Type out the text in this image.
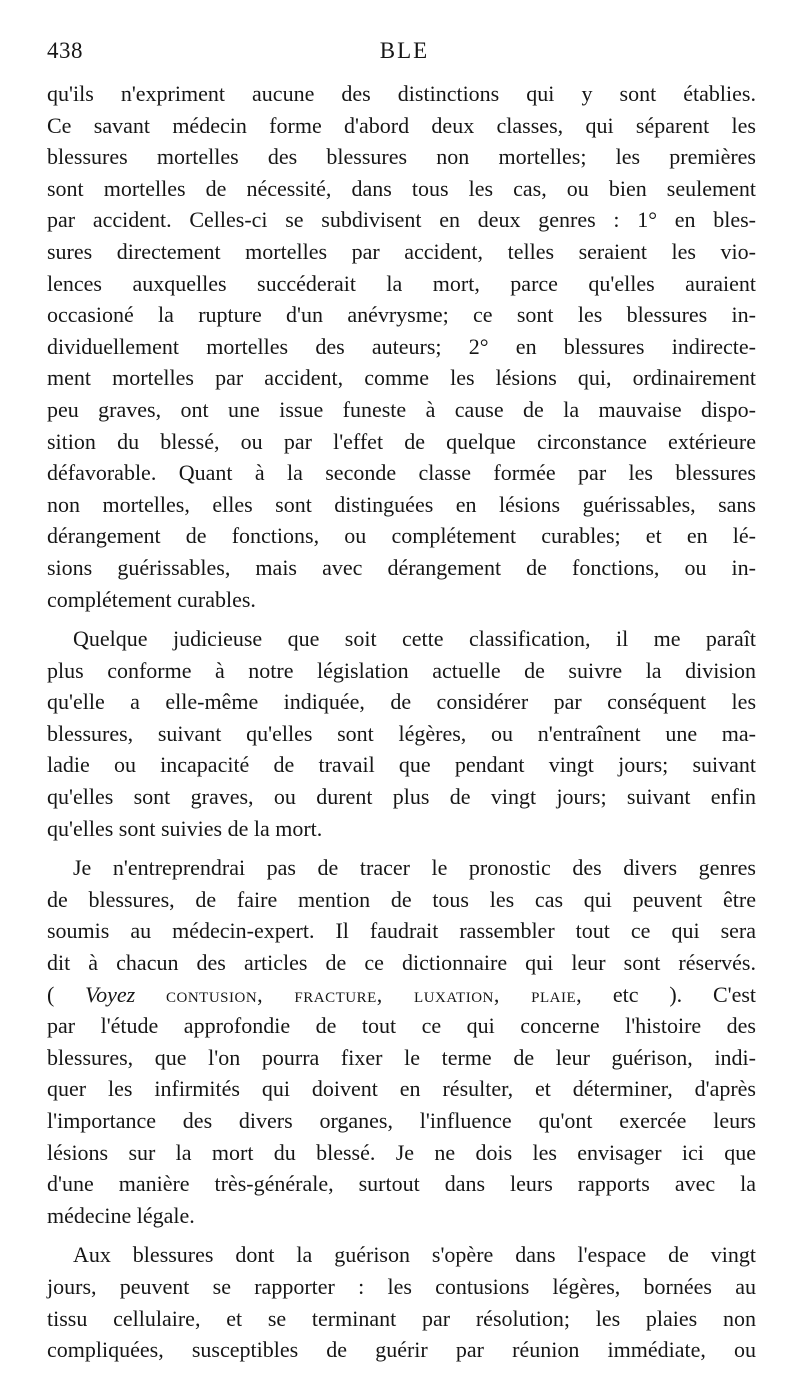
438	BLE
qu'ils n'expriment aucune des distinctions qui y sont établies.
Ce savant médecin forme d'abord deux classes, qui séparent les
blessures mortelles des blessures non mortelles; les premières
sont mortelles de nécessité, dans tous les cas, ou bien seulement
par accident. Celles-ci se subdivisent en deux genres : 1° en bles-
sures directement mortelles par accident, telles seraient les vio-
lences auxquelles succéderait la mort, parce qu'elles auraient
occasioné la rupture d'un anévrysme; ce sont les blessures in-
dividuellement mortelles des auteurs; 2° en blessures indirecte-
ment mortelles par accident, comme les lésions qui, ordinairement
peu graves, ont une issue funeste à cause de la mauvaise dispo-
sition du blessé, ou par l'effet de quelque circonstance extérieure
défavorable. Quant à la seconde classe formée par les blessures
non mortelles, elles sont distinguées en lésions guérissables, sans
dérangement de fonctions, ou complétement curables; et en lé-
sions guérissables, mais avec dérangement de fonctions, ou in-
complétement curables.
Quelque judicieuse que soit cette classification, il me paraît
plus conforme à notre législation actuelle de suivre la division
qu'elle a elle-même indiquée, de considérer par conséquent les
blessures, suivant qu'elles sont légères, ou n'entraînent une ma-
ladie ou incapacité de travail que pendant vingt jours; suivant
qu'elles sont graves, ou durent plus de vingt jours; suivant enfin
qu'elles sont suivies de la mort.
Je n'entreprendrai pas de tracer le pronostic des divers genres
de blessures, de faire mention de tous les cas qui peuvent être
soumis au médecin-expert. Il faudrait rassembler tout ce qui sera
dit à chacun des articles de ce dictionnaire qui leur sont réservés.
( Voyez contusion, fracture, luxation, plaie, etc ). C'est
par l'étude approfondie de tout ce qui concerne l'histoire des
blessures, que l'on pourra fixer le terme de leur guérison, indi-
quer les infirmités qui doivent en résulter, et déterminer, d'après
l'importance des divers organes, l'influence qu'ont exercée leurs
lésions sur la mort du blessé. Je ne dois les envisager ici que
d'une manière très-générale, surtout dans leurs rapports avec la
médecine légale.
Aux blessures dont la guérison s'opère dans l'espace de vingt
jours, peuvent se rapporter : les contusions légères, bornées au
tissu cellulaire, et se terminant par résolution; les plaies non
compliquées, susceptibles de guérir par réunion immédiate, ou
